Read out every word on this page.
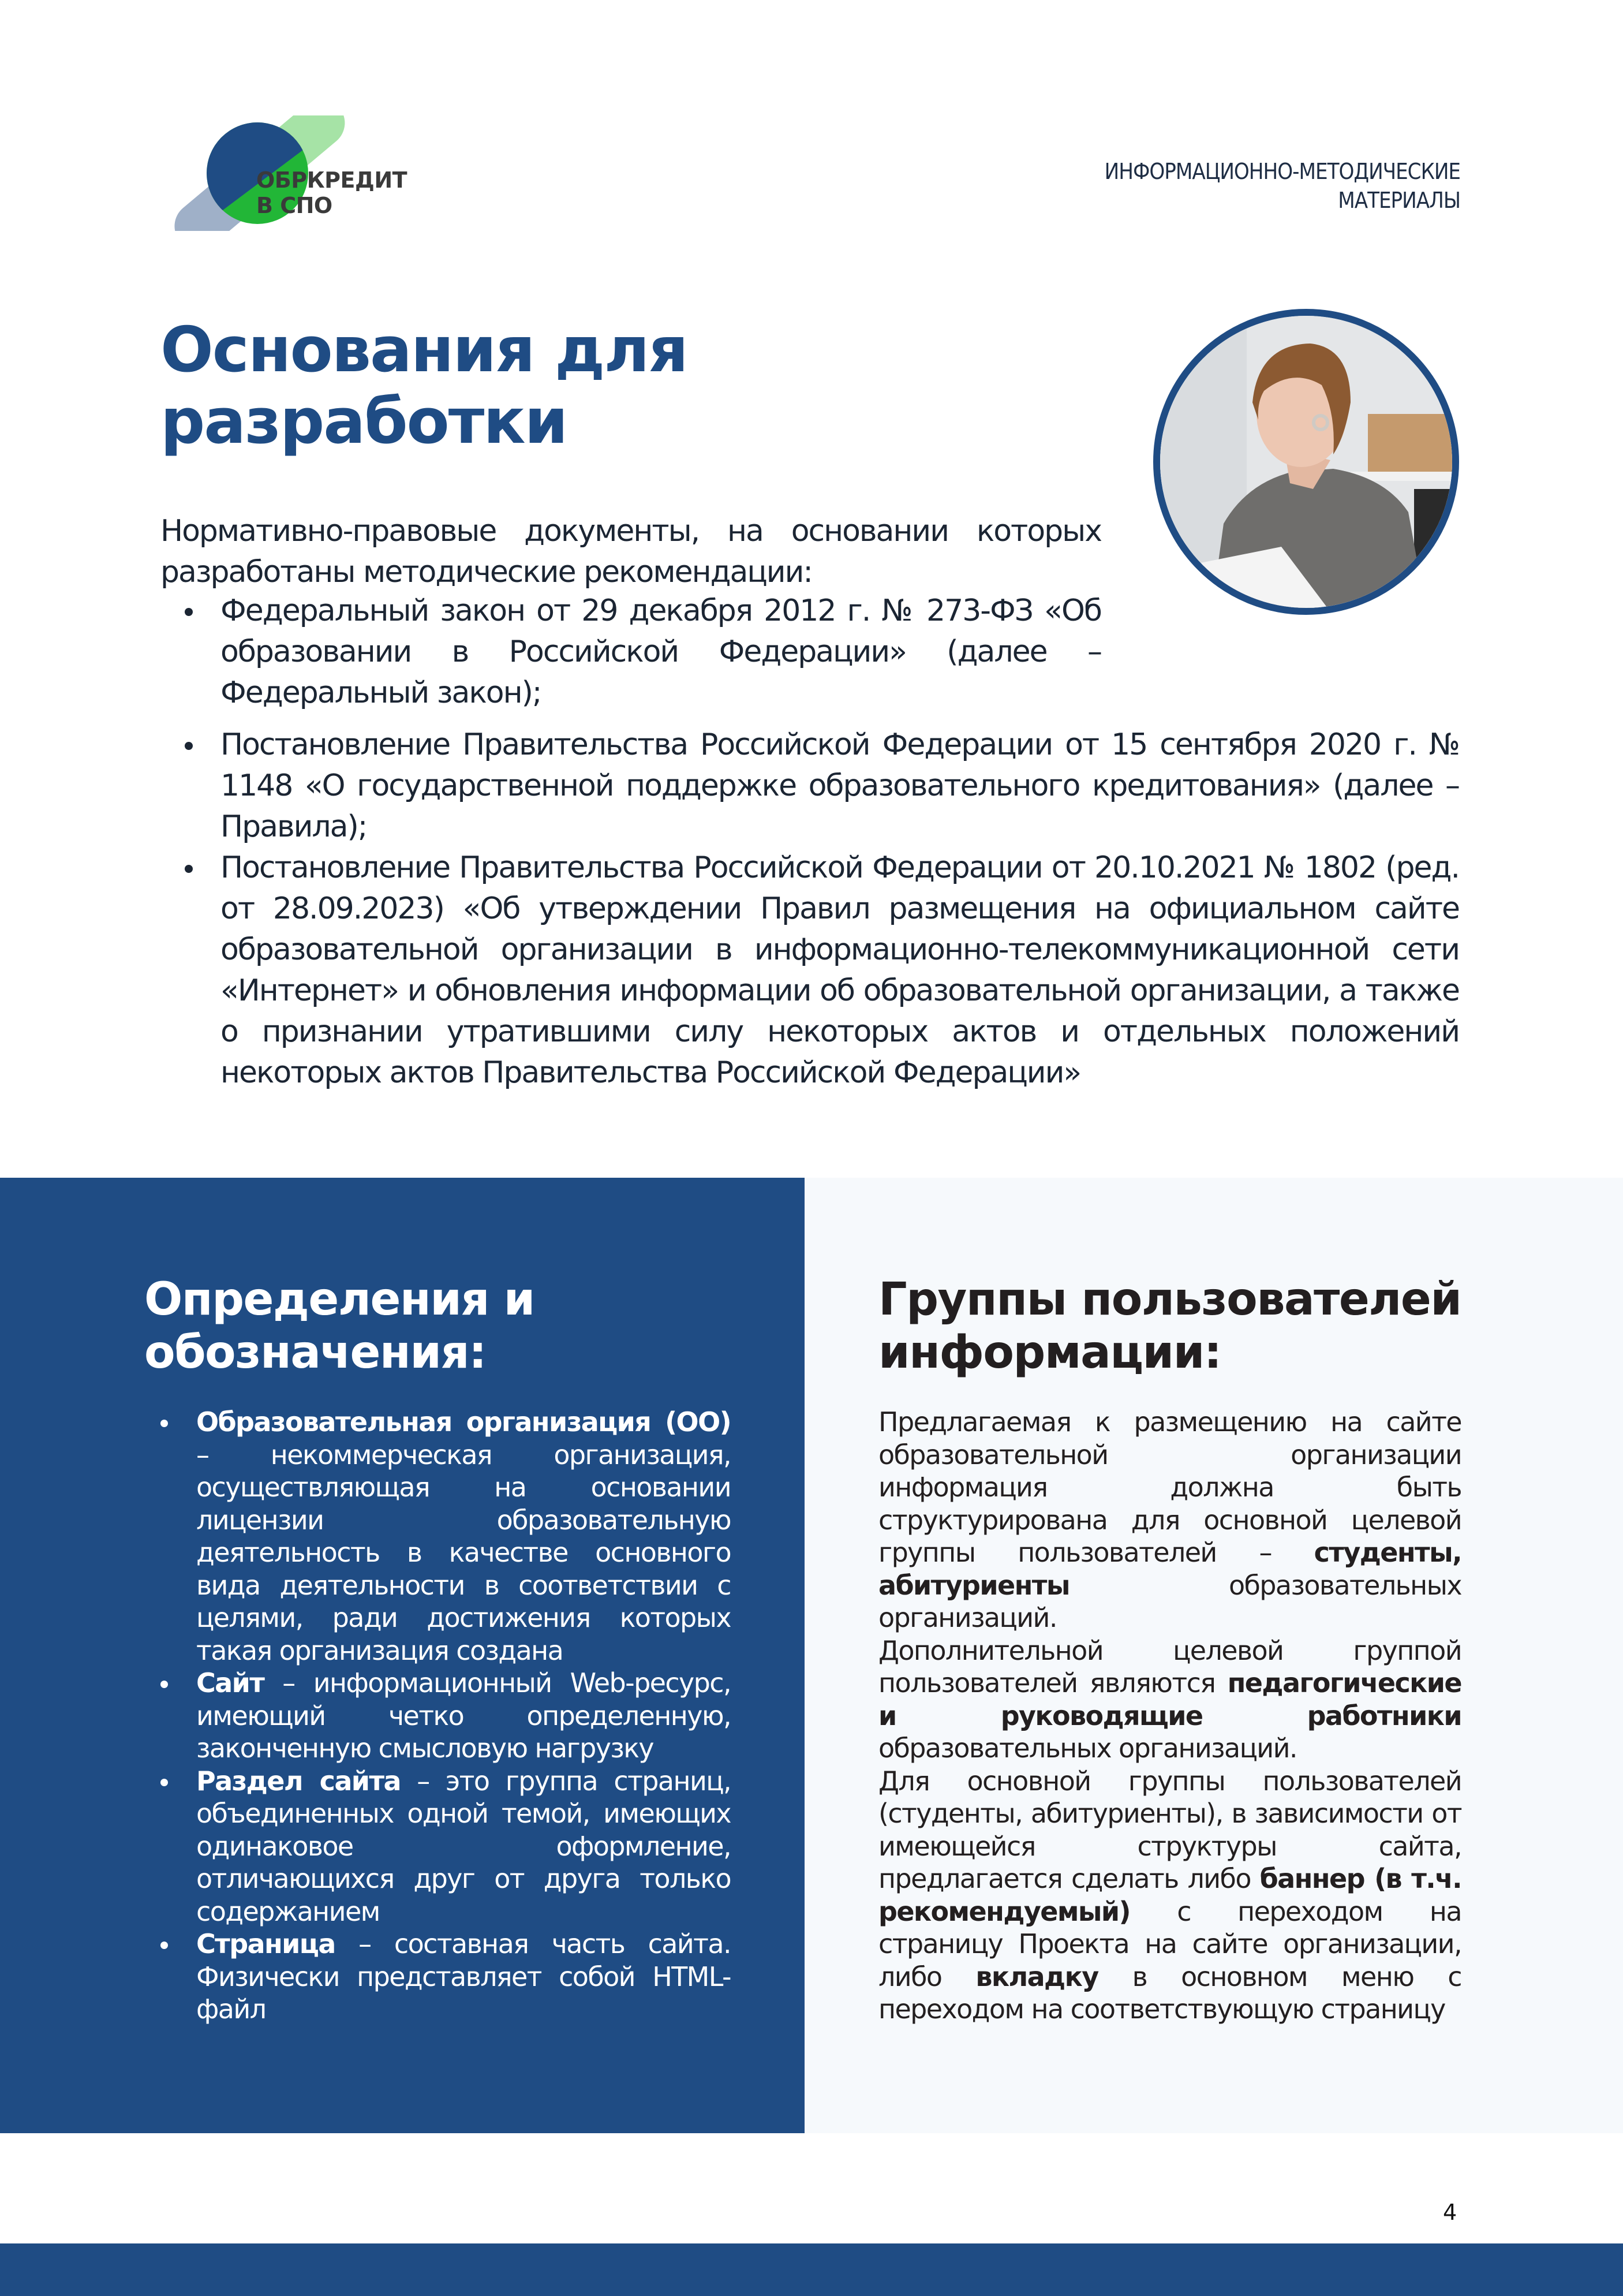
ОБРКРЕДИТ
В СПО
ИНФОРМАЦИОННО-МЕТОДИЧЕСКИЕ
МАТЕРИАЛЫ
Основания для
разработки

Нормативно-правовые документы, на основании которых разработаны методические рекомендации:

Федеральный закон от 29 декабря 2012 г. № 273-ФЗ «Об образовании в Российской Федерации» (далее – Федеральный закон);
Постановление Правительства Российской Федерации от 15 сентября 2020 г. № 1148 «О государственной поддержке образовательного кредитования» (далее – Правила);
Постановление Правительства Российской Федерации от 20.10.2021 № 1802 (ред. от 28.09.2023) «Об утверждении Правил размещения на официальном сайте образовательной организации в информационно-телекоммуникационной сети «Интернет» и обновления информации об образовательной организации, а также о признании утратившими силу некоторых актов и отдельных положений некоторых актов Правительства Российской Федерации»
Определения и
обозначения:
Образовательная организация (ОО) – некоммерческая организация, осуществляющая на основании лицензии образовательную деятельность в качестве основного вида деятельности в соответствии с целями, ради достижения которых такая организация создана
Сайт – информационный Web-ресурс, имеющий четко определенную, законченную смысловую нагрузку
Раздел сайта – это группа страниц, объединенных одной темой, имеющих одинаковое оформление, отличающихся друг от друга только содержанием
Страница – составная часть сайта. Физически представляет собой HTML-файл
Группы пользователей
информации:

Предлагаемая к размещению на сайте образовательной организации информация должна быть структурирована для основной целевой группы пользователей – студенты, абитуриенты образовательных организаций.

Дополнительной целевой группой пользователей являются педагогические и руководящие работники образовательных организаций.

Для основной группы пользователей (студенты, абитуриенты), в зависимости от имеющейся структуры сайта, предлагается сделать либо баннер (в т.ч. рекомендуемый) с переходом на страницу Проекта на сайте организации, либо вкладку в основном меню с переходом на соответствующую страницу

4
